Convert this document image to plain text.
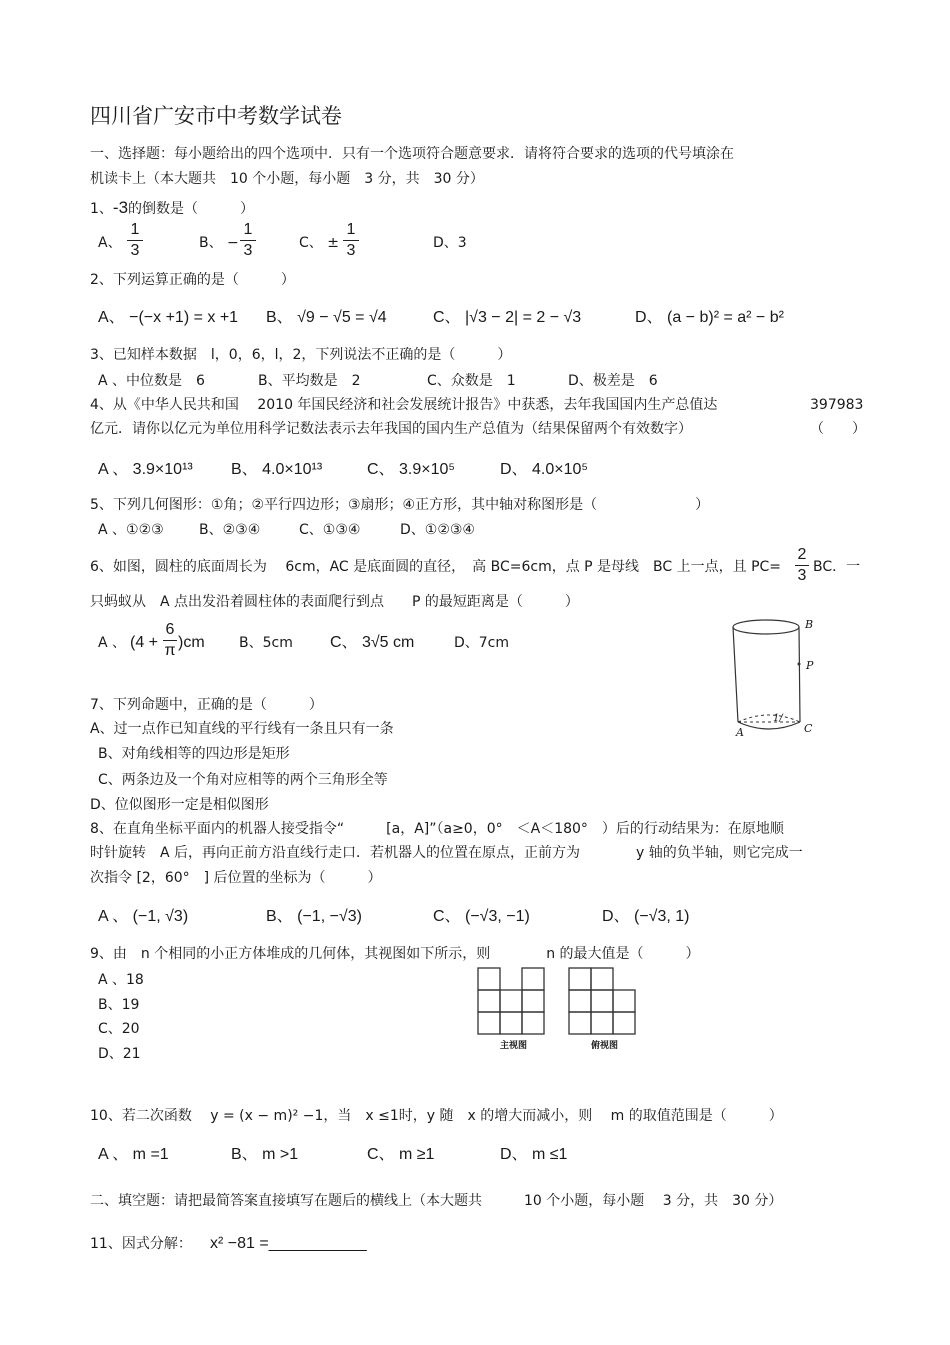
四川省广安市中考数学试卷
一、选择题：每小题给出的四个选项中．只有一个选项符合题意要求．请将符合要求的选项的代号填涂在
机读卡上（本大题共　10 个小题，每小题　3 分，共　30 分）
1、-3的倒数是（　　　）
A、
1
3	B、 −
1
3	C、 ±
1
3	D、3
2、下列运算正确的是（　　　）
A、 −(−x +1) = x +1 B、 √9 − √5 = √4	C、 |√3 − 2| = 2 − √3	D、 (a − b)² = a² − b²
3、已知样本数据　l，0，6，l，2，下列说法不正确的是（　　　）
A 、中位数是　6	B、平均数是　2	C、众数是　1	D、极差是　6
4、从《中华人民共和国　 2010 年国民经济和社会发展统计报告》中获悉，去年我国国内生产总值达	397983
亿元．请你以亿元为单位用科学记数法表示去年我国的国内生产总值为（结果保留两个有效数字）	（　　）
A 、 3.9×10¹³ B、 4.0×10¹³	C、 3.9×10⁵	D、 4.0×10⁵
5、下列几何图形：①角；②平行四边形；③扇形；④正方形，其中轴对称图形是（　　　　　　　）
A 、①②③	B、②③④	C、①③④	D、①②③④
6、如图，圆柱的底面周长为　 6cm，AC 是底面圆的直径，　高 BC=6cm，点 P 是母线　BC 上一点，且 PC=
2
3 BC．一
只蚂蚁从　A 点出发沿着圆柱体的表面爬行到点　　P 的最短距离是（　　　）
A 、 (4 +
6
π )cm B、5cm C、 3√5 cm	D、7cm
B
P
A	C
1/
7、下列命题中，正确的是（　　　）
A、过一点作已知直线的平行线有一条且只有一条
B、对角线相等的四边形是矩形
C、两条边及一个角对应相等的两个三角形全等
D、位似图形一定是相似图形
8、在直角坐标平面内的机器人接受指令“　　　[a，A]”（a≥0，0°　＜A＜180°　）后的行动结果为：在原地顺
时针旋转　A 后，再向正前方沿直线行走口．若机器人的位置在原点，正前方为　　　　y 轴的负半轴，则它完成一
次指令 [2，60°　] 后位置的坐标为（　　　）
A 、 (−1, √3)	B、 (−1, −√3)	C、 (−√3, −1)	D、 (−√3, 1)
9、由　n 个相同的小正方体堆成的几何体，其视图如下所示，则　　　　n 的最大值是（　　　）
A 、18
B、19
C、20
D、21	主视图	俯视图
10、若二次函数　 y = (x − m)² −1，当　x ≤1时，y 随　x 的增大而减小，则　 m 的取值范围是（　　　）
A 、 m =1	B、 m >1	C、 m ≥1	D、 m ≤1
二、填空题：请把最简答案直接填写在题后的横线上（本大题共　　　10 个小题，每小题　 3 分，共　30 分）
11、因式分解： x² −81 =___________
